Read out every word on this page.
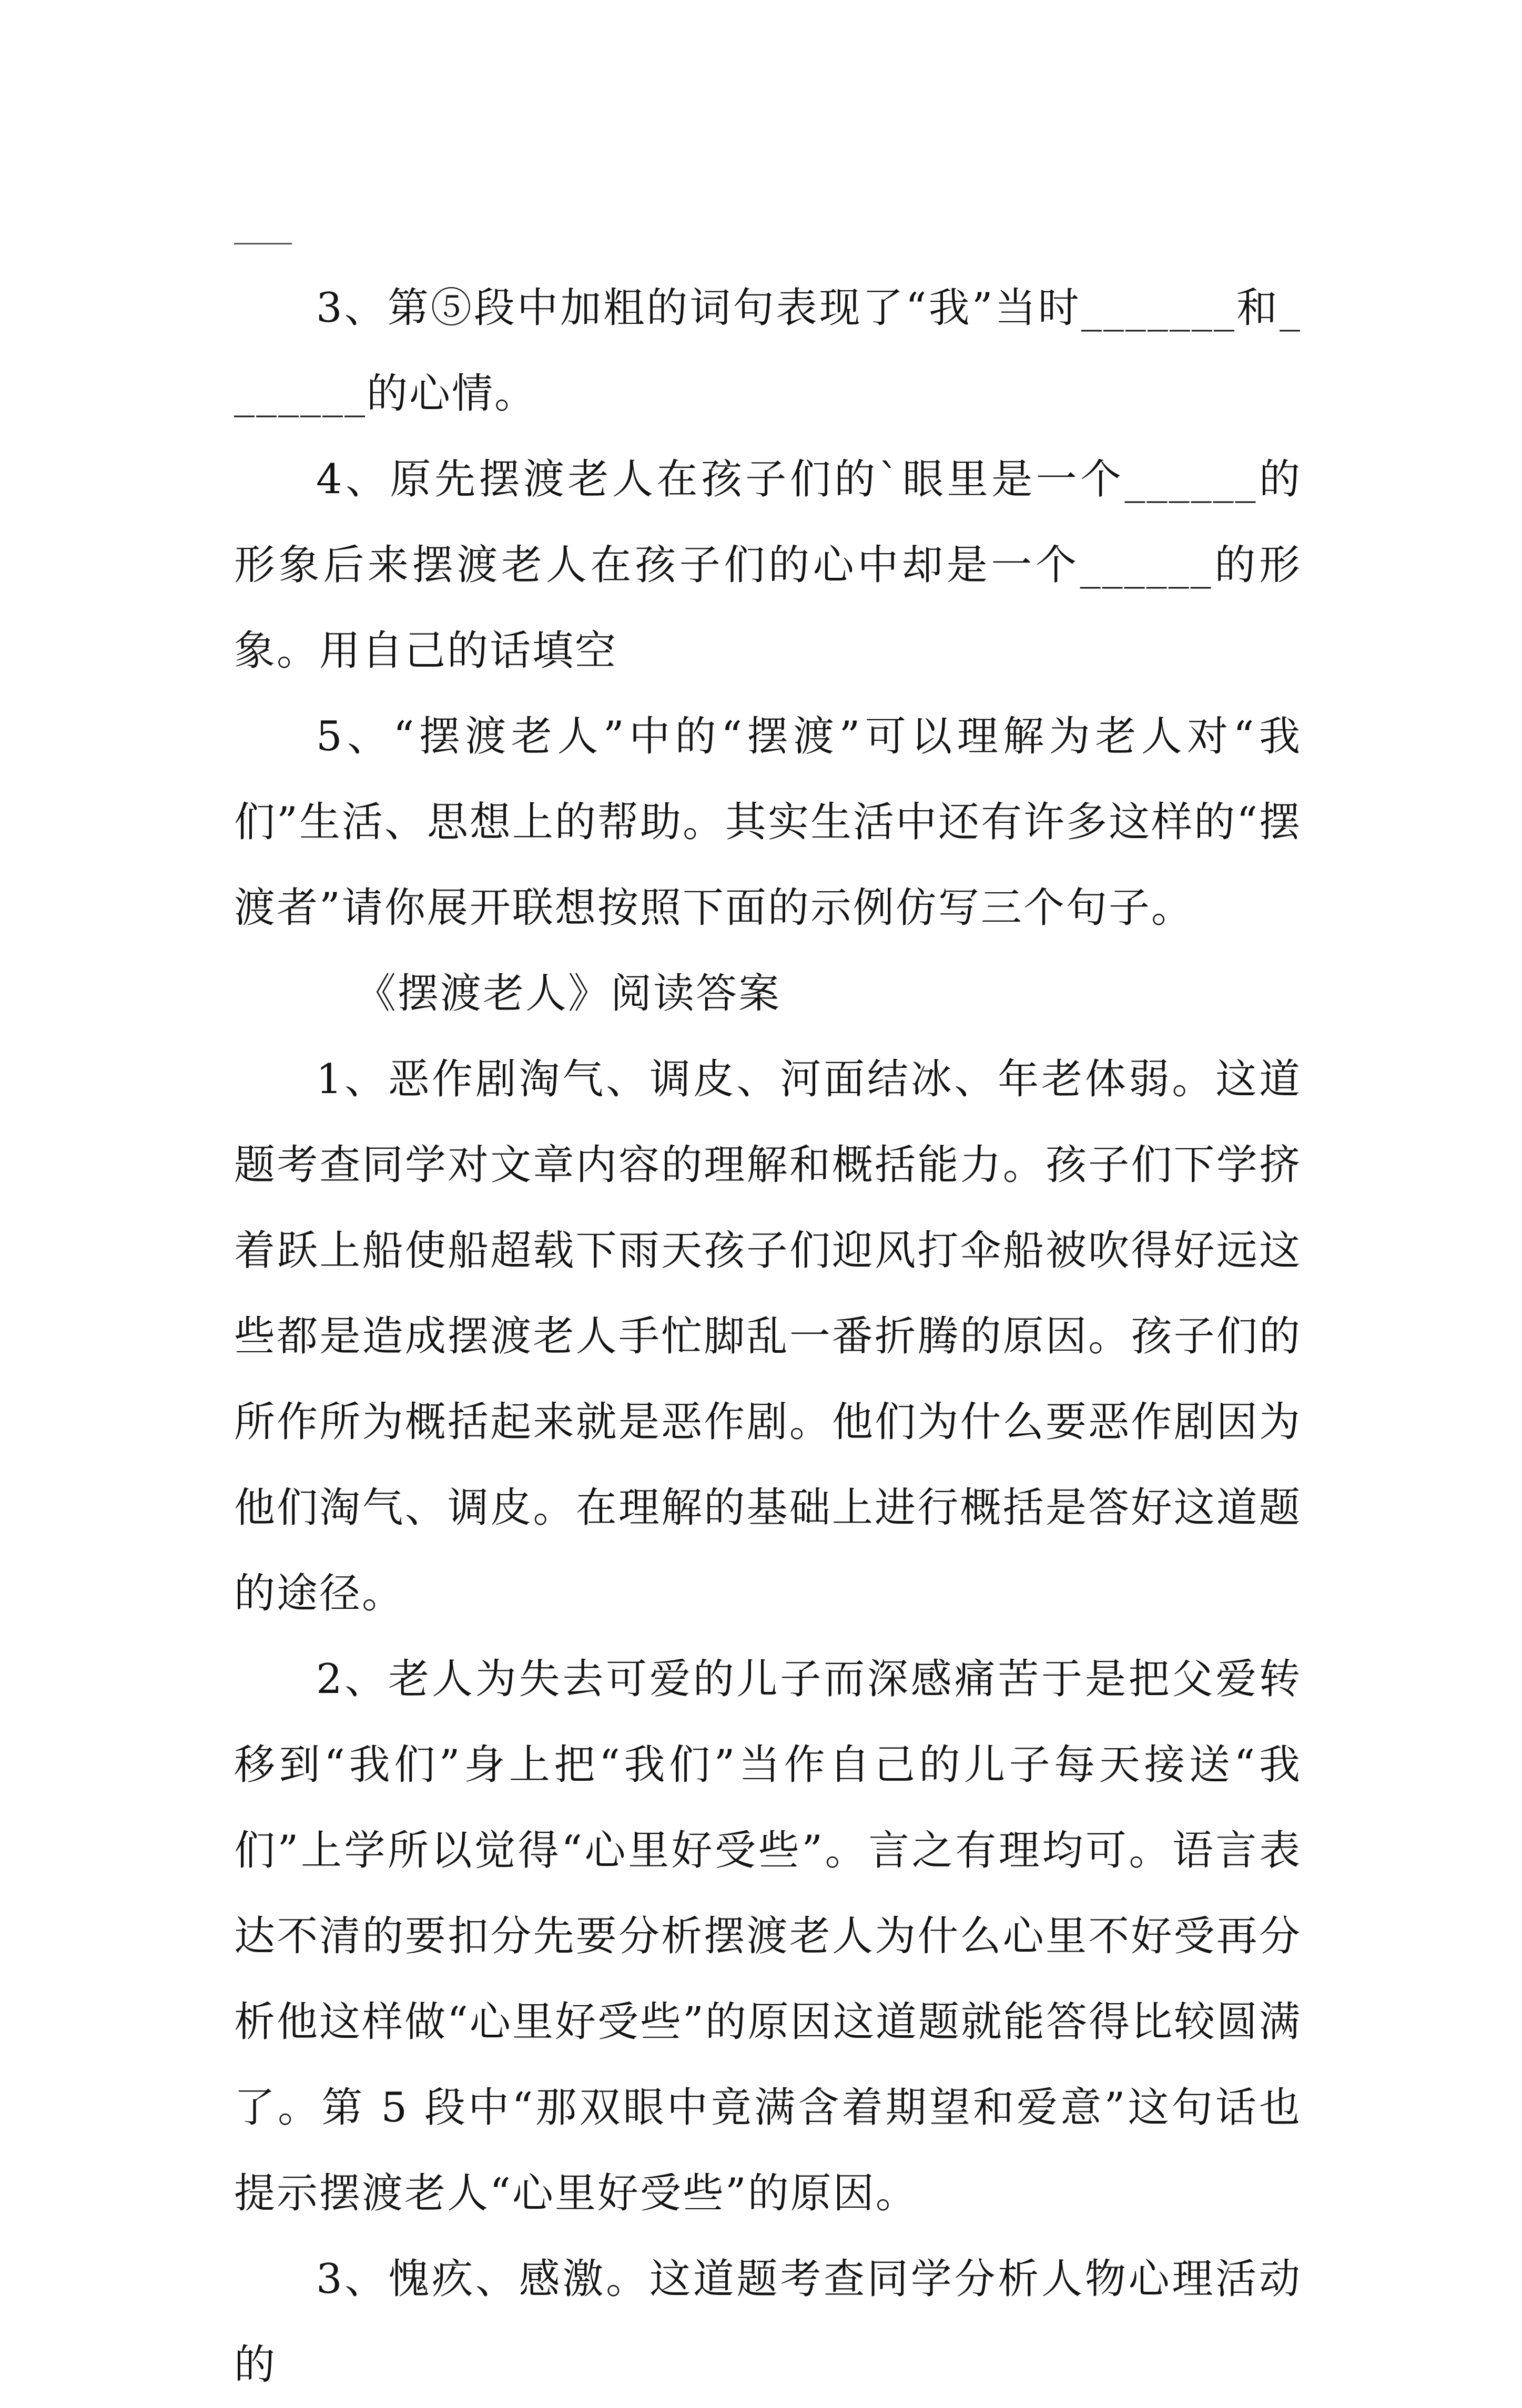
3、第⑤段中加粗的词句表现了“我”当时_______和_______的心情。

4、原先摆渡老人在孩子们的`眼里是一个______的形象后来摆渡老人在孩子们的心中却是一个______的形象。用自己的话填空

5、“摆渡老人”中的“摆渡”可以理解为老人对“我们”生活、思想上的帮助。其实生活中还有许多这样的“摆渡者”请你展开联想按照下面的示例仿写三个句子。

《摆渡老人》阅读答案

1、恶作剧淘气、调皮、河面结冰、年老体弱。这道题考查同学对文章内容的理解和概括能力。孩子们下学挤着跃上船使船超载下雨天孩子们迎风打伞船被吹得好远这些都是造成摆渡老人手忙脚乱一番折腾的原因。孩子们的所作所为概括起来就是恶作剧。他们为什么要恶作剧因为他们淘气、调皮。在理解的基础上进行概括是答好这道题的途径。

2、老人为失去可爱的儿子而深感痛苦于是把父爱转移到“我们”身上把“我们”当作自己的儿子每天接送“我们”上学所以觉得“心里好受些”。言之有理均可。语言表达不清的要扣分先要分析摆渡老人为什么心里不好受再分析他这样做“心里好受些”的原因这道题就能答得比较圆满了。第 5 段中“那双眼中竟满含着期望和爱意”这句话也提示摆渡老人“心里好受些”的原因。

3、愧疚、感激。这道题考查同学分析人物心理活动的
